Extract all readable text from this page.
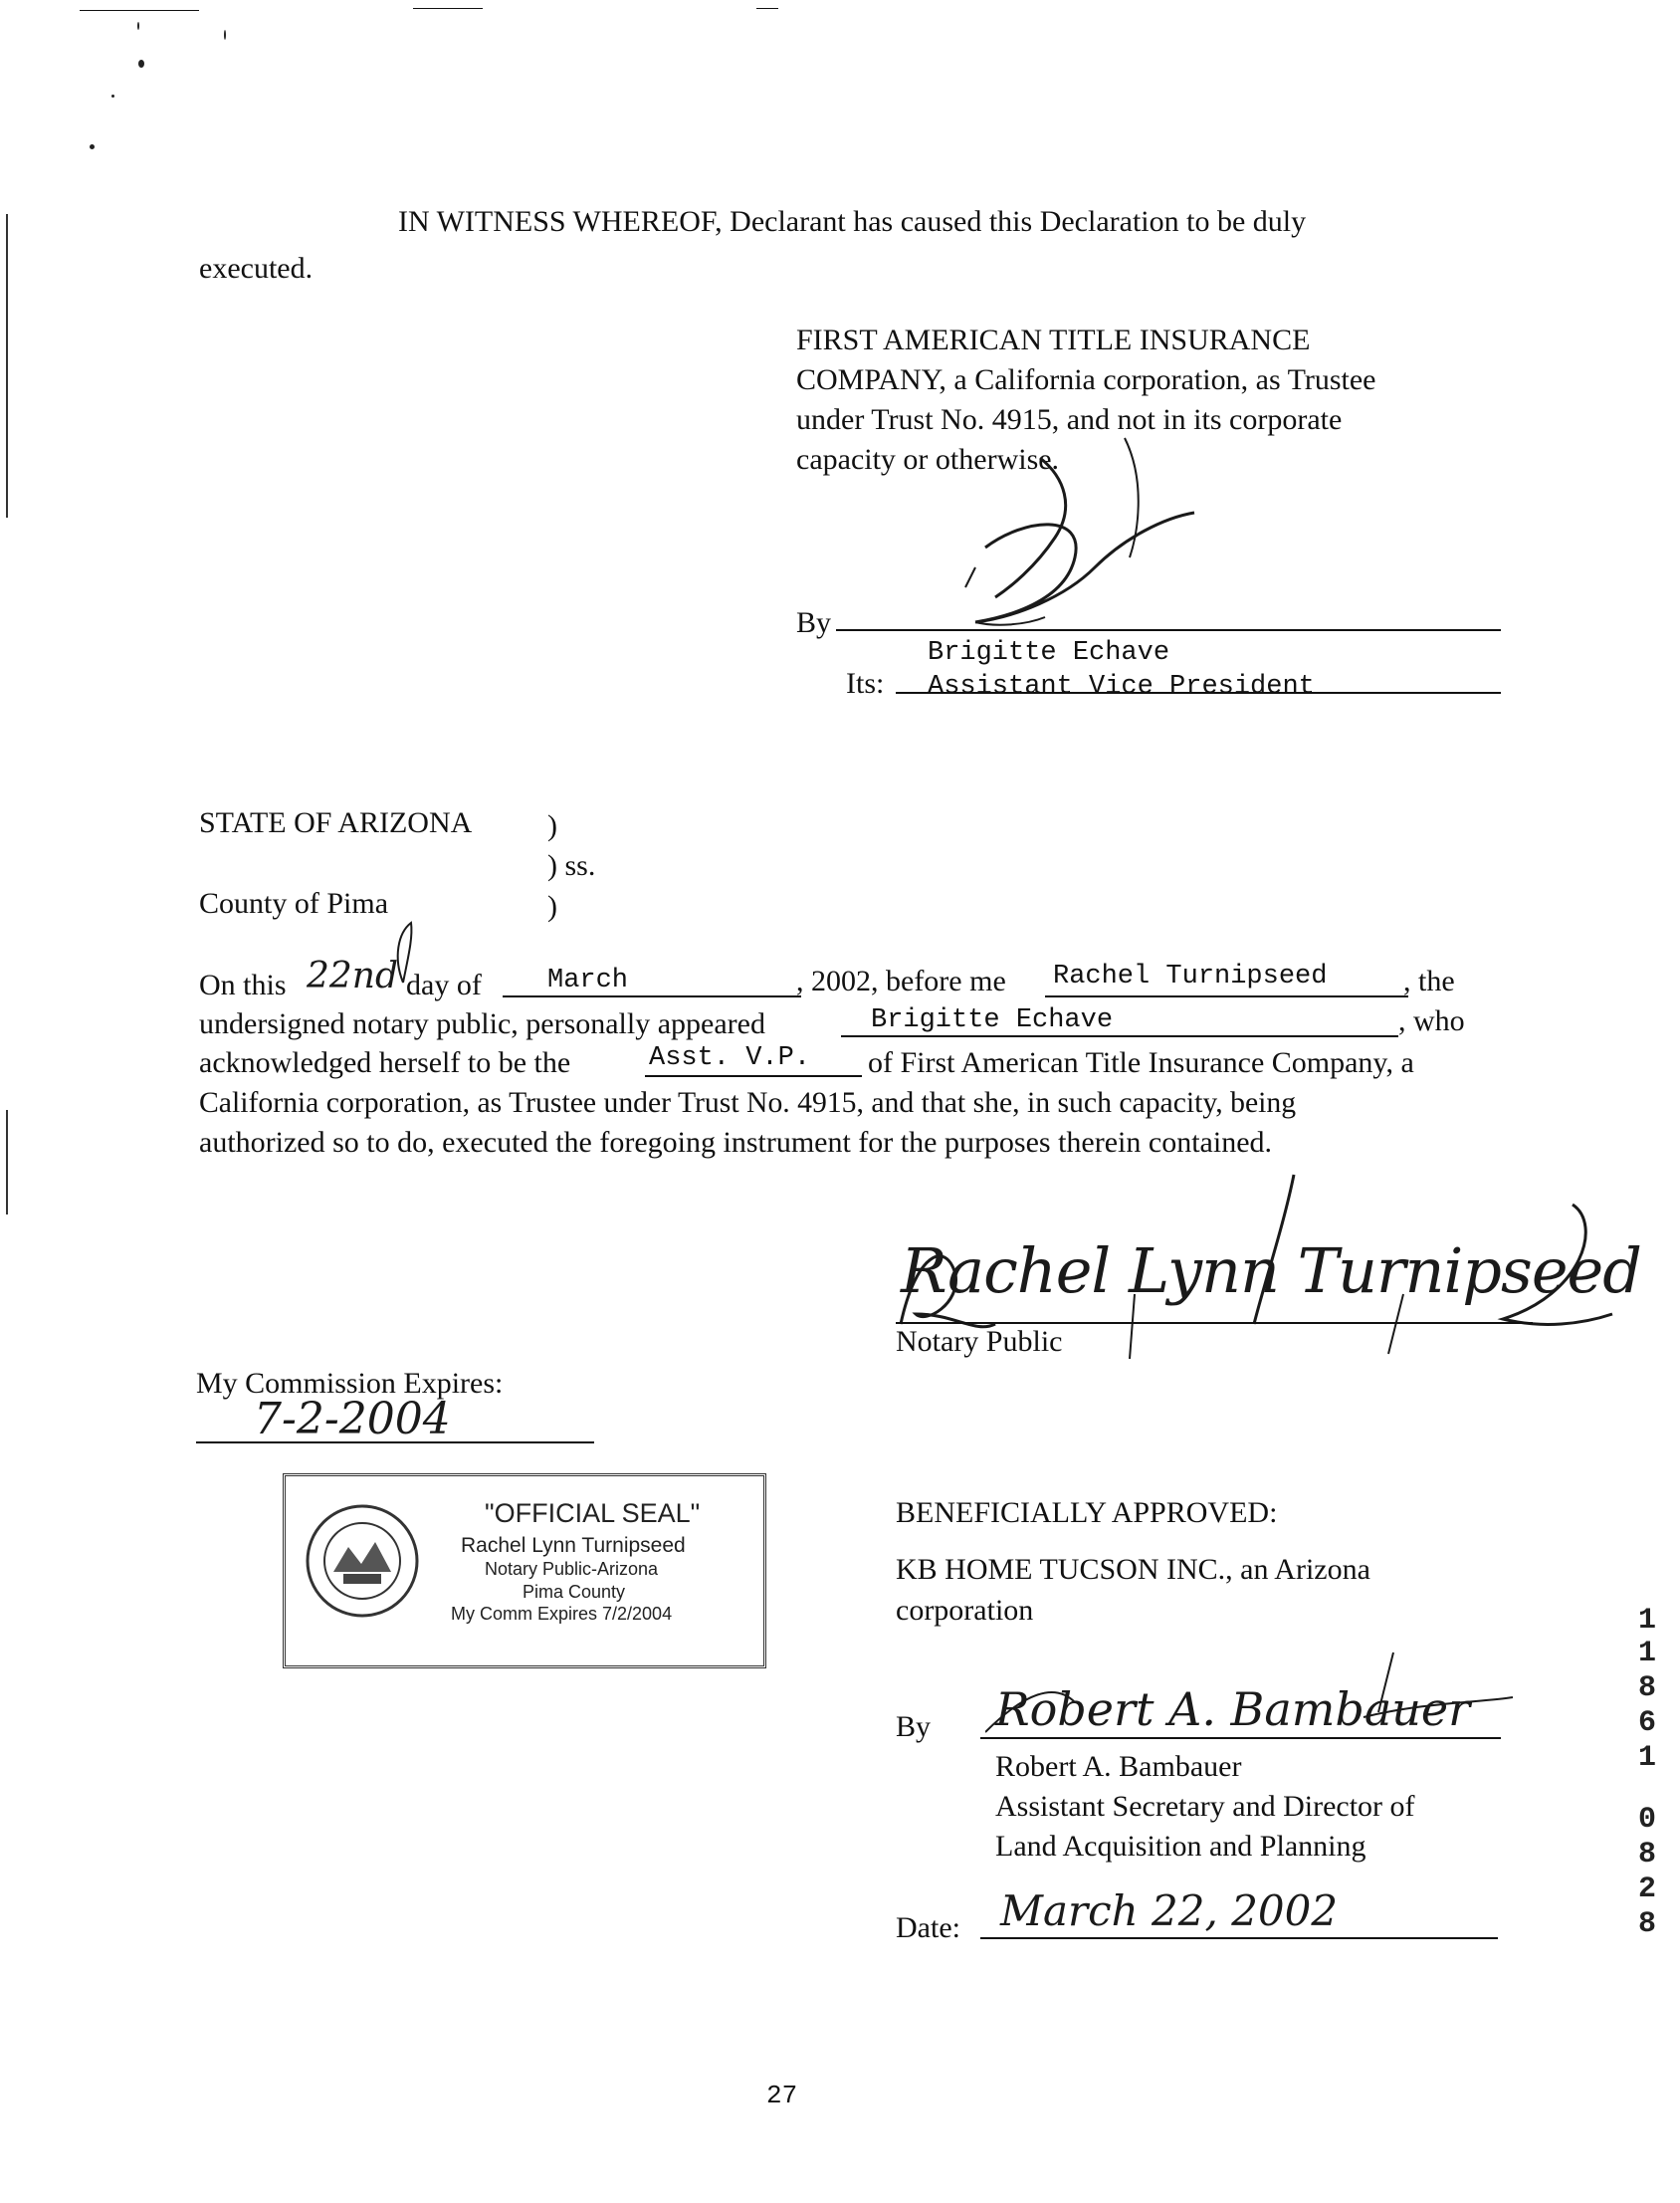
IN WITNESS WHEREOF, Declarant has caused this Declaration to be duly
executed.
FIRST AMERICAN TITLE INSURANCE
COMPANY, a California corporation, as Trustee
under Trust No. 4915, and not in its corporate
capacity or otherwise.
By
Brigitte Echave
Its: Assistant Vice President
STATE OF ARIZONA	)
) ss.
County of Pima	)
On this 22nd day of March	, 2002, before me Rachel Turnipseed	, the
undersigned notary public, personally appeared	Brigitte Echave	, who
acknowledged herself to be the	Asst. V.P. of First American Title Insurance Company, a
California corporation, as Trustee under Trust No. 4915, and that she, in such capacity, being
authorized so to do, executed the foregoing instrument for the purposes therein contained.
Rachel Lynn Turnipseed
Notary Public
My Commission Expires:
7-2-2004
"OFFICIAL SEAL"
Rachel Lynn Turnipseed
Notary Public-Arizona
Pima County
My Comm Expires 7/2/2004
BENEFICIALLY APPROVED:
KB HOME TUCSON INC., an Arizona
corporation
By Robert A. Bambauer
Robert A. Bambauer
Assistant Secretary and Director of
Land Acquisition and Planning
Date: March 22, 2002
1
1
8
6
1
0
8
2
8
27
